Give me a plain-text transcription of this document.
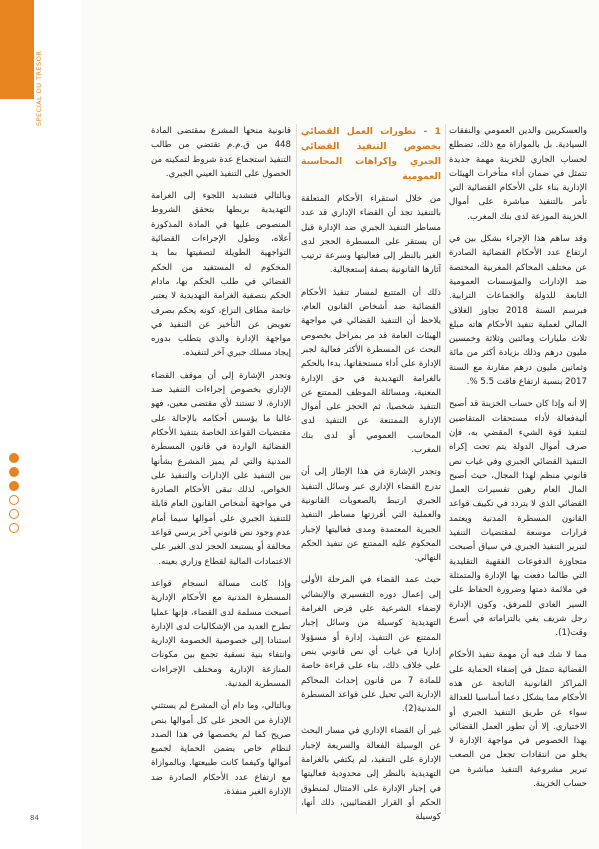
SPECIAL SPECIAL DU TRÉSOR
84

والعسكريين والدين العمومي والنفقات السيادية. بل بالموازاة مع ذلك، تضطلع لحساب الجاري للخزينة مهمة جديدة تتمثل في ضمان أداء متأخرات الهيئات الإدارية بناء على الأحكام القضائية التي تأمر بالتنفيذ مباشرة على أموال الخزينة الموزعة لدى بنك المغرب.

وقد ساهم هذا الإجراء بشكل بين في ارتفاع عدد الأحكام القضائية الصادرة عن مختلف المحاكم المغربية المختصة ضد الإدارات والمؤسسات العمومية التابعة للدولة والجماعات الترابية. فبرسم السنة 2018 تجاوز الغلاف المالي لعملية تنفيذ الأحكام هاته مبلغ ثلاث مليارات ومائتين وثلاثة وخمسين مليون درهم وذلك بزيادة أكثر من مائة وثمانين مليون درهم مقارنة مع السنة 2017 بنسبة ارتفاع فاقت 5.5 %.

إلا أنه وإذا كان حساب الخزينة قد أصبح أليةفعالة لأداء مستحقات المتقاضين لتنفيذ قوة الشيء المقضي به، فإن صرف أموال الدولة يتم تحت إكراه التنفيذ القضائي الجبري وفي غياب نص قانوني منظم لهذا المجال، حيث أصبح المال العام رهين تفسيرات العمل القضائي الذي لا يتردد في تكييف قواعد القانون المسطرة المدنية ويعتمد قرارات موسعة لمقتضيات التنفيذ لتبرير التنفيذ الجبري في سياق أصبحت متجاوزة الدفوعات الفقهية التقليدية التي طالما دفعت بها الإدارة والمتمثلة في ملائمة ذمتها وضرورة الحفاظ على السير العادي للمرفق، وكون الإدارة رجل شريف يفي بالتزاماته في أسرع وقت(1).

مما لا شك فيه أن مهمة تنفيذ الأحكام القضائية تتمثل في إضفاء الحماية على المراكز القانونية الناتجة عن هذه الأحكام مما يشكل دعما أساسيا للعدالة سواء عن طريق التنفيذ الجبري أو الاختياري. إلا أن تطور العمل القضائي بهذا الخصوص في مواجهة الإدارة لا يخلو من انتقادات تجعل من الصعب تبرير مشروعية التنفيذ مباشرة من حساب الخزينة.

1 - تطورات العمل القضائي بخصوص التنفيذ القضائي الجبري وإكراهات المحاسبة العمومية

من خلال استقراء الأحكام المتعلقة بالتنفيذ تجد أن القضاء الإداري قد عدد مساطر التنفيذ الجبري ضد الإدارة قبل أن يستقر على المسطرة الحجز لدى الغير بالنظر إلى فعاليتها وسرعة ترتيب آثارها القانونية بصفة إستعجالية.

ذلك أن المتتبع لمسار تنفيذ الأحكام القضائية ضد أشخاص القانون العام، يلاحظ أن التنفيذ القضائي في مواجهة الهيئات العامة قد مر بمراحل بخصوص البحث عن المسطرة الأكثر فعالية لجبر الإدارة على أداء مستحقاتها، بدءا بالحكم بالغرامة التهديدية في حق الإدارة المعنية، ومسائلة الموظف الممتنع عن التنفيذ شخصيا، ثم الحجز على أموال الإدارة الممتنعة عن التنفيذ لدى المحاسب العمومي أو لدى بنك المغرب.

وتجدر الإشارة في هذا الإطار إلى أن تدرج القضاء الإداري عبر وسائل التنفيذ الجبري ارتبط بالصعوبات القانونية والعملية التي أفرزتها مساطر التنفيذ الجبرية المعتمدة ومدى فعاليتها لإجبار المحكوم عليه الممتنع عن تنفيذ الحكم النهائي.

حيث عمد القضاء في المرحلة الأولى إلى إعمال دوره التفسيري والإنشائي لإضفاء الشرعية على فرض الغرامة التهديدية كوسيلة من وسائل إجبار الممتنع عن التنفيذ، إدارة أو مسؤولا إداريا في غياب أي نص قانوني ينص على خلاف ذلك، بناء على قراءة خاصة للمادة 7 من قانون إحداث المحاكم الإدارية التي تحيل على قواعد المسطرة المدنية(2).

غير أن القضاء الإداري في مسار البحث عن الوسيلة الفعالة والسريعة لإجبار الإدارة على التنفيذ، لم يكتفي بالغرامة التهديدية بالنظر إلى محدودية فعاليتها في إجبار الإدارة على الامتثال لمنطوق الحكم أو القرار القضائيين، ذلك أنها، كوسيلة

قانونية منحها المشرع بمقتضى المادة 448 من ق.م.م تقتضي من طالب التنفيذ استجماع عدة شروط لتمكينه من الحصول على التنفيذ العيني الجبري.

وبالتالي فتشديد اللجوء إلى الغرامة التهديدية بربطها بتحقق الشروط المنصوص عليها في المادة المذكورة أعلاه، وطول الإجراءات القضائية التواجهية الطويلة لتصفيتها بما يد المحكوم له المستفيد من الحكم القضائي في طلب الحكم بها، مادام الحكم بتصفية الغرامة التهديدية لا يعتبر خاتمة مطاف النزاع، كونه يحكم بصرف تعويض عن التأخير عن التنفيذ في مواجهة الإدارة والذي يتطلب بدوره إيجاد مسلك جبري آخر لتنفيذه.

وتجدر الإشارة إلى أن موقف القضاء الإداري بخصوص إجراءات التنفيذ ضد الإدارة، لا تستند لأي مقتضى معين، فهو غالبا ما يؤسس أحكامه بالإحالة على مقتضيات القواعد الخاصة بتنفيذ الأحكام القضائية الواردة في قانون المسطرة المدنية والتي لم يميز المشرع بشأنها بين التنفيذ على الإدارات والتنفيذ على الخواص، لذلك تبقى الأحكام الصادرة في مواجهة أشخاص القانون العام قابلة للتنفيذ الجبري على أموالها سيما أمام عدم وجود نص قانوني آخر يرسي قواعد مخالفة أو يستبعد الحجز لدى الغير على الاعتمادات المالية لقطاع وزاري بعينه.

وإذا كانت مسالة انسجام قواعد المسطرة المدنية مع الأحكام الإدارية أصبحت مسلمة لدى القضاء، فإنها عمليا تطرح العديد من الإشكاليات لدى الإدارة استنادا إلى خصوصية الخصومة الإدارية وانتفاء بنية نسقية تجمع بين مكونات المنازعة الإدارية ومختلف الإجراءات المسطرية المدنية.

وبالتالي، وما دام أن المشرع لم يستثني الإدارة من الحجز على كل أموالها بنص صريح كما لم يخصصها في هذا الصدد لنظام خاص يضمن الحماية لجميع أموالها وكيفما كانت طبيعتها. وبالموازاة مع ارتفاع عدد الأحكام الصادرة ضد الإدارة الغير منفذة،
